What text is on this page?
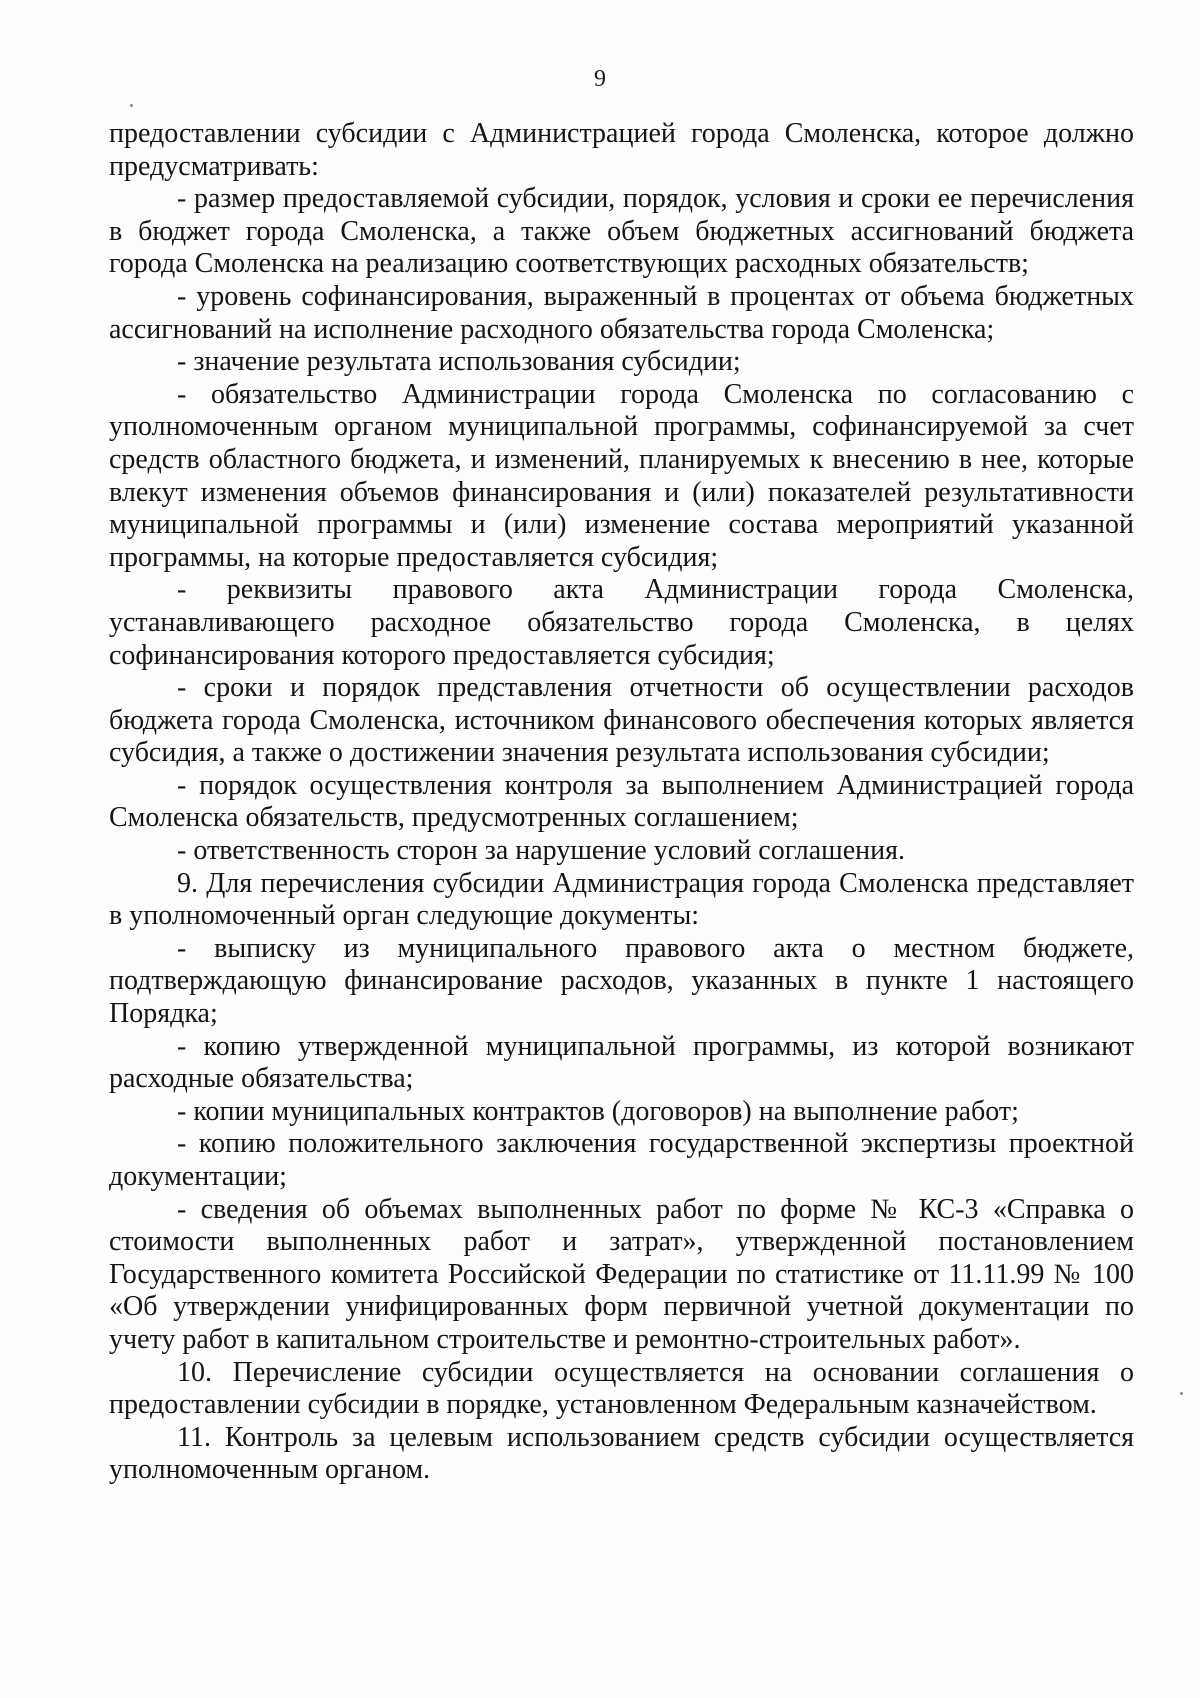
9

предоставлении субсидии с Администрацией города Смоленска, которое должно предусматривать:

- размер предоставляемой субсидии, порядок, условия и сроки ее перечисления в бюджет города Смоленска, а также объем бюджетных ассигнований бюджета города Смоленска на реализацию соответствующих расходных обязательств;

- уровень софинансирования, выраженный в процентах от объема бюджетных ассигнований на исполнение расходного обязательства города Смоленска;

- значение результата использования субсидии;

- обязательство Администрации города Смоленска по согласованию с уполномоченным органом муниципальной программы, софинансируемой за счет средств областного бюджета, и изменений, планируемых к внесению в нее, которые влекут изменения объемов финансирования и (или) показателей результативности муниципальной программы и (или) изменение состава мероприятий указанной программы, на которые предоставляется субсидия;

- реквизиты правового акта Администрации города Смоленска, устанавливающего расходное обязательство города Смоленска, в целях софинансирования которого предоставляется субсидия;

- сроки и порядок представления отчетности об осуществлении расходов бюджета города Смоленска, источником финансового обеспечения которых является субсидия, а также о достижении значения результата использования субсидии;

- порядок осуществления контроля за выполнением Администрацией города Смоленска обязательств, предусмотренных соглашением;

- ответственность сторон за нарушение условий соглашения.

9. Для перечисления субсидии Администрация города Смоленска представляет в уполномоченный орган следующие документы:

- выписку из муниципального правового акта о местном бюджете, подтверждающую финансирование расходов, указанных в пункте 1 настоящего Порядка;

- копию утвержденной муниципальной программы, из которой возникают расходные обязательства;

- копии муниципальных контрактов (договоров) на выполнение работ;

- копию положительного заключения государственной экспертизы проектной документации;

- сведения об объемах выполненных работ по форме № КС-3 «Справка о стоимости выполненных работ и затрат», утвержденной постановлением Государственного комитета Российской Федерации по статистике от 11.11.99 № 100 «Об утверждении унифицированных форм первичной учетной документации по учету работ в капитальном строительстве и ремонтно-строительных работ».

10. Перечисление субсидии осуществляется на основании соглашения о предоставлении субсидии в порядке, установленном Федеральным казначейством.

11. Контроль за целевым использованием средств субсидии осуществляется уполномоченным органом.
